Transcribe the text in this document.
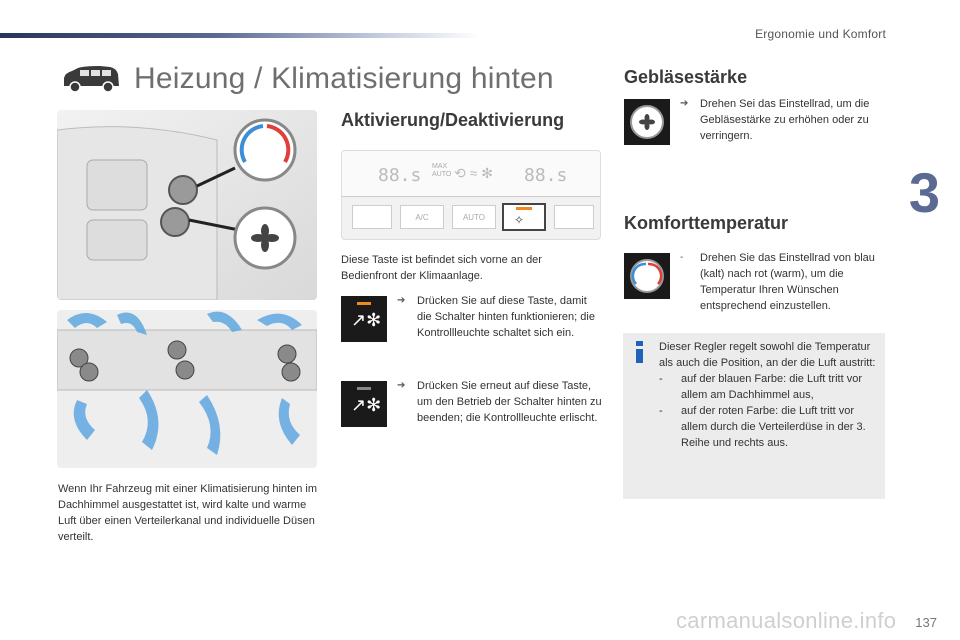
Ergonomie und Komfort
3
Heizung / Klimatisierung hinten
Wenn Ihr Fahrzeug mit einer Klimatisierung hinten im Dachhimmel ausgestattet ist, wird kalte und warme Luft über einen Verteilerkanal und individuelle Düsen verteilt.
Aktivierung/Deaktivierung
88.s MAX AUTO ⟲ ≈ ✻ 88.s
A/C	AUTO	✧
Diese Taste ist befindet sich vorne an der Bedienfront der Klimaanlage.
↗✻
➔	Drücken Sie auf diese Taste, damit die Schalter hinten funktionieren; die Kontrollleuchte schaltet sich ein.
↗✻
➔	Drücken Sie erneut auf diese Taste, um den Betrieb der Schalter hinten zu beenden; die Kontrollleuchte erlischt.
Gebläsestärke
➔	Drehen Sei das Einstellrad, um die Gebläsestärke zu erhöhen oder zu verringern.
Komforttemperatur
-	Drehen Sie das Einstellrad von blau (kalt) nach rot (warm), um die Temperatur Ihren Wünschen entsprechend einzustellen.
Dieser Regler regelt sowohl die Temperatur als auch die Position, an der die Luft austritt:
-	auf der blauen Farbe: die Luft tritt vor allem am Dachhimmel aus,
-	auf der roten Farbe: die Luft tritt vor allem durch die Verteilerdüse in der 3. Reihe und rechts aus.
137
carmanualsonline.info
